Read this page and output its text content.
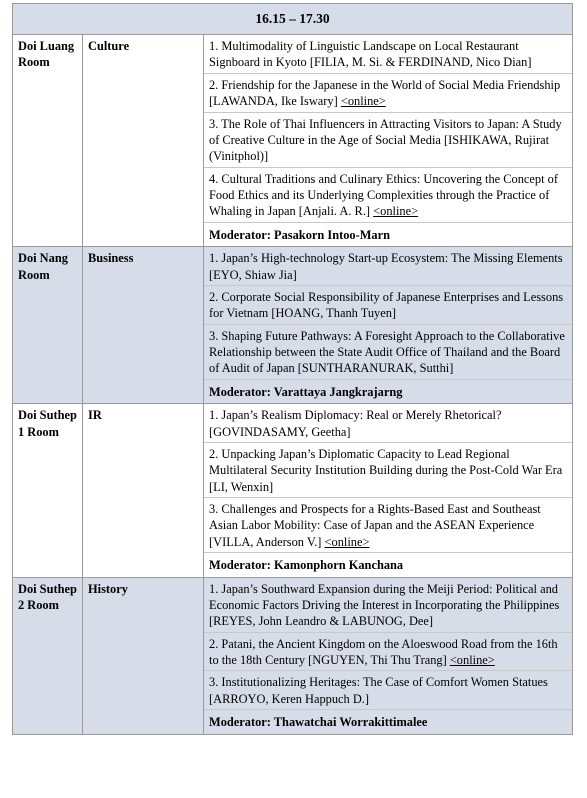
16.15 – 17.30		
Doi Luang Room	Culture	1. Multimodality of Linguistic Landscape on Local Restaurant Signboard in Kyoto [FILIA, M. Si. & FERDINAND, Nico Dian]
2. Friendship for the Japanese in the World of Social Media Friendship [LAWANDA, Ike Iswary] <online>
3. The Role of Thai Influencers in Attracting Visitors to Japan: A Study of Creative Culture in the Age of Social Media [ISHIKAWA, Rujirat (Vinitphol)]
4. Cultural Traditions and Culinary Ethics: Uncovering the Concept of Food Ethics and its Underlying Complexities through the Practice of Whaling in Japan [Anjali. A. R.] <online>
Moderator: Pasakorn Intoo-Marn

Doi Nang Room	Business	1. Japan’s High-technology Start-up Ecosystem: The Missing Elements [EYO, Shiaw Jia]
2. Corporate Social Responsibility of Japanese Enterprises and Lessons for Vietnam [HOANG, Thanh Tuyen]
3. Shaping Future Pathways: A Foresight Approach to the Collaborative Relationship between the State Audit Office of Thailand and the Board of Audit of Japan [SUNTHARANURAK, Sutthi]
Moderator: Varattaya Jangkrajarng

Doi Suthep 1 Room	IR	1. Japan’s Realism Diplomacy: Real or Merely Rhetorical? [GOVINDASAMY, Geetha]
2. Unpacking Japan’s Diplomatic Capacity to Lead Regional Multilateral Security Institution Building during the Post-Cold War Era [LI, Wenxin]
3. Challenges and Prospects for a Rights-Based East and Southeast Asian Labor Mobility: Case of Japan and the ASEAN Experience [VILLA, Anderson V.] <online>
Moderator: Kamonphorn Kanchana

Doi Suthep 2 Room	History	1. Japan’s Southward Expansion during the Meiji Period: Political and Economic Factors Driving the Interest in Incorporating the Philippines [REYES, John Leandro & LABUNOG, Dee]
2. Patani, the Ancient Kingdom on the Aloeswood Road from the 16th to the 18th Century [NGUYEN, Thi Thu Trang] <online>
3. Institutionalizing Heritages: The Case of Comfort Women Statues [ARROYO, Keren Happuch D.]
Moderator: Thawatchai Worrakittimalee
